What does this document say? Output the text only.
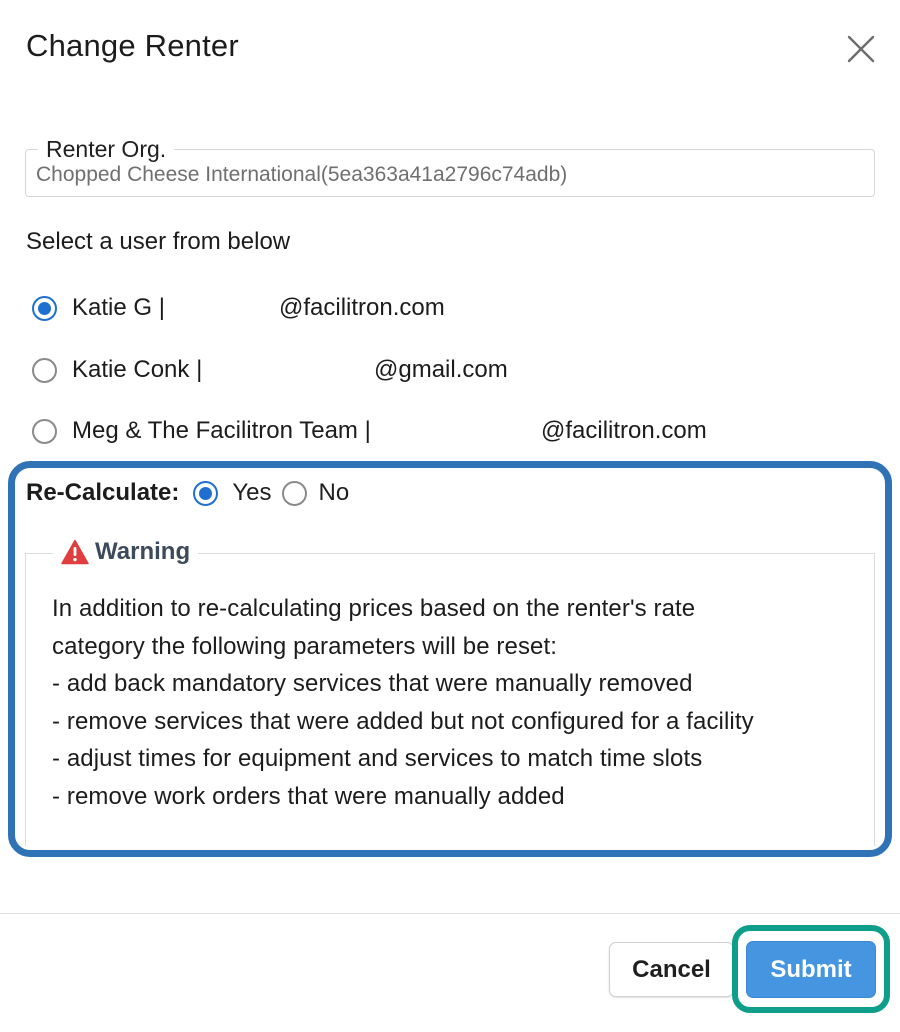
Change Renter
Renter Org.
Chopped Cheese International(5ea363a41a2796c74adb)
Select a user from below
Katie G |	@facilitron.com
Katie Conk |	@gmail.com
Meg & The Facilitron Team |	@facilitron.com
Re-Calculate: Yes No
Warning
In addition to re-calculating prices based on the renter's rate
category the following parameters will be reset:
- add back mandatory services that were manually removed
- remove services that were added but not configured for a facility
- adjust times for equipment and services to match time slots
- remove work orders that were manually added
Cancel	Submit
